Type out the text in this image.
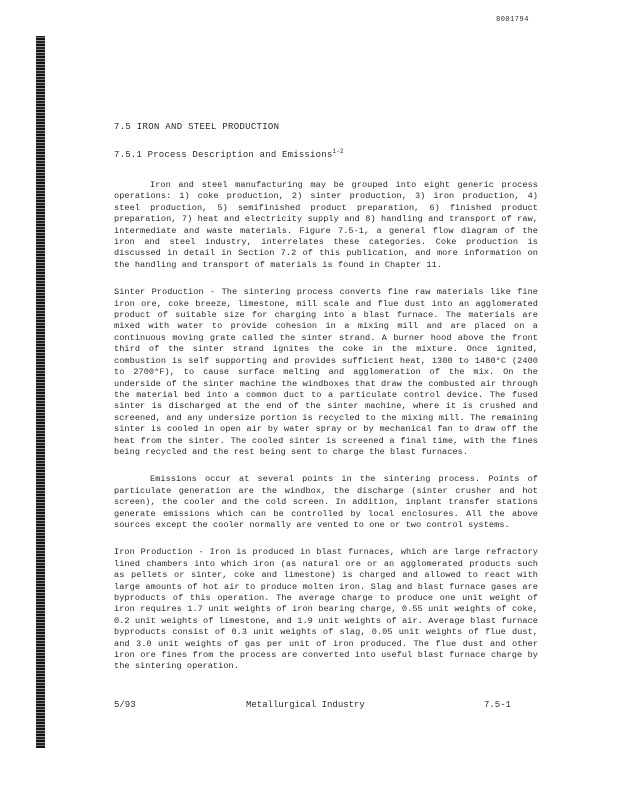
8001794
7.5 IRON AND STEEL PRODUCTION
7.5.1 Process Description and Emissions$^{1-2}$

Iron and steel manufacturing may be grouped into eight generic process operations: 1) coke production, 2) sinter production, 3) iron production, 4) steel production, 5) semifinished product preparation, 6) finished product preparation, 7) heat and electricity supply and 8) handling and transport of raw, intermediate and waste materials. Figure 7.5-1, a general flow diagram of the iron and steel industry, interrelates these categories. Coke production is discussed in detail in Section 7.2 of this publication, and more information on the handling and transport of materials is found in Chapter 11.

Sinter Production - The sintering process converts fine raw materials like fine iron ore, coke breeze, limestone, mill scale and flue dust into an agglomerated product of suitable size for charging into a blast furnace. The materials are mixed with water to provide cohesion in a mixing mill and are placed on a continuous moving grate called the sinter strand. A burner hood above the front third of the sinter strand ignites the coke in the mixture. Once ignited, combustion is self supporting and provides sufficient heat, 1300 to 1480°C (2400 to 2700°F), to cause surface melting and agglomeration of the mix. On the underside of the sinter machine the windboxes that draw the combusted air through the material bed into a common duct to a particulate control device. The fused sinter is discharged at the end of the sinter machine, where it is crushed and screened, and any undersize portion is recycled to the mixing mill. The remaining sinter is cooled in open air by water spray or by mechanical fan to draw off the heat from the sinter. The cooled sinter is screened a final time, with the fines being recycled and the rest being sent to charge the blast furnaces.

Emissions occur at several points in the sintering process. Points of particulate generation are the windbox, the discharge (sinter crusher and hot screen), the cooler and the cold screen. In addition, inplant transfer stations generate emissions which can be controlled by local enclosures. All the above sources except the cooler normally are vented to one or two control systems.

Iron Production - Iron is produced in blast furnaces, which are large refractory lined chambers into which iron (as natural ore or an agglomerated products such as pellets or sinter, coke and limestone) is charged and allowed to react with large amounts of hot air to produce molten iron. Slag and blast furnace gases are byproducts of this operation. The average charge to produce one unit weight of iron requires 1.7 unit weights of iron bearing charge, 0.55 unit weights of coke, 0.2 unit weights of limestone, and 1.9 unit weights of air. Average blast furnace byproducts consist of 0.3 unit weights of slag, 0.05 unit weights of flue dust, and 3.0 unit weights of gas per unit of iron produced. The flue dust and other iron ore fines from the process are converted into useful blast furnace charge by the sintering operation.

5/93	Metallurgical Industry	7.5-1
